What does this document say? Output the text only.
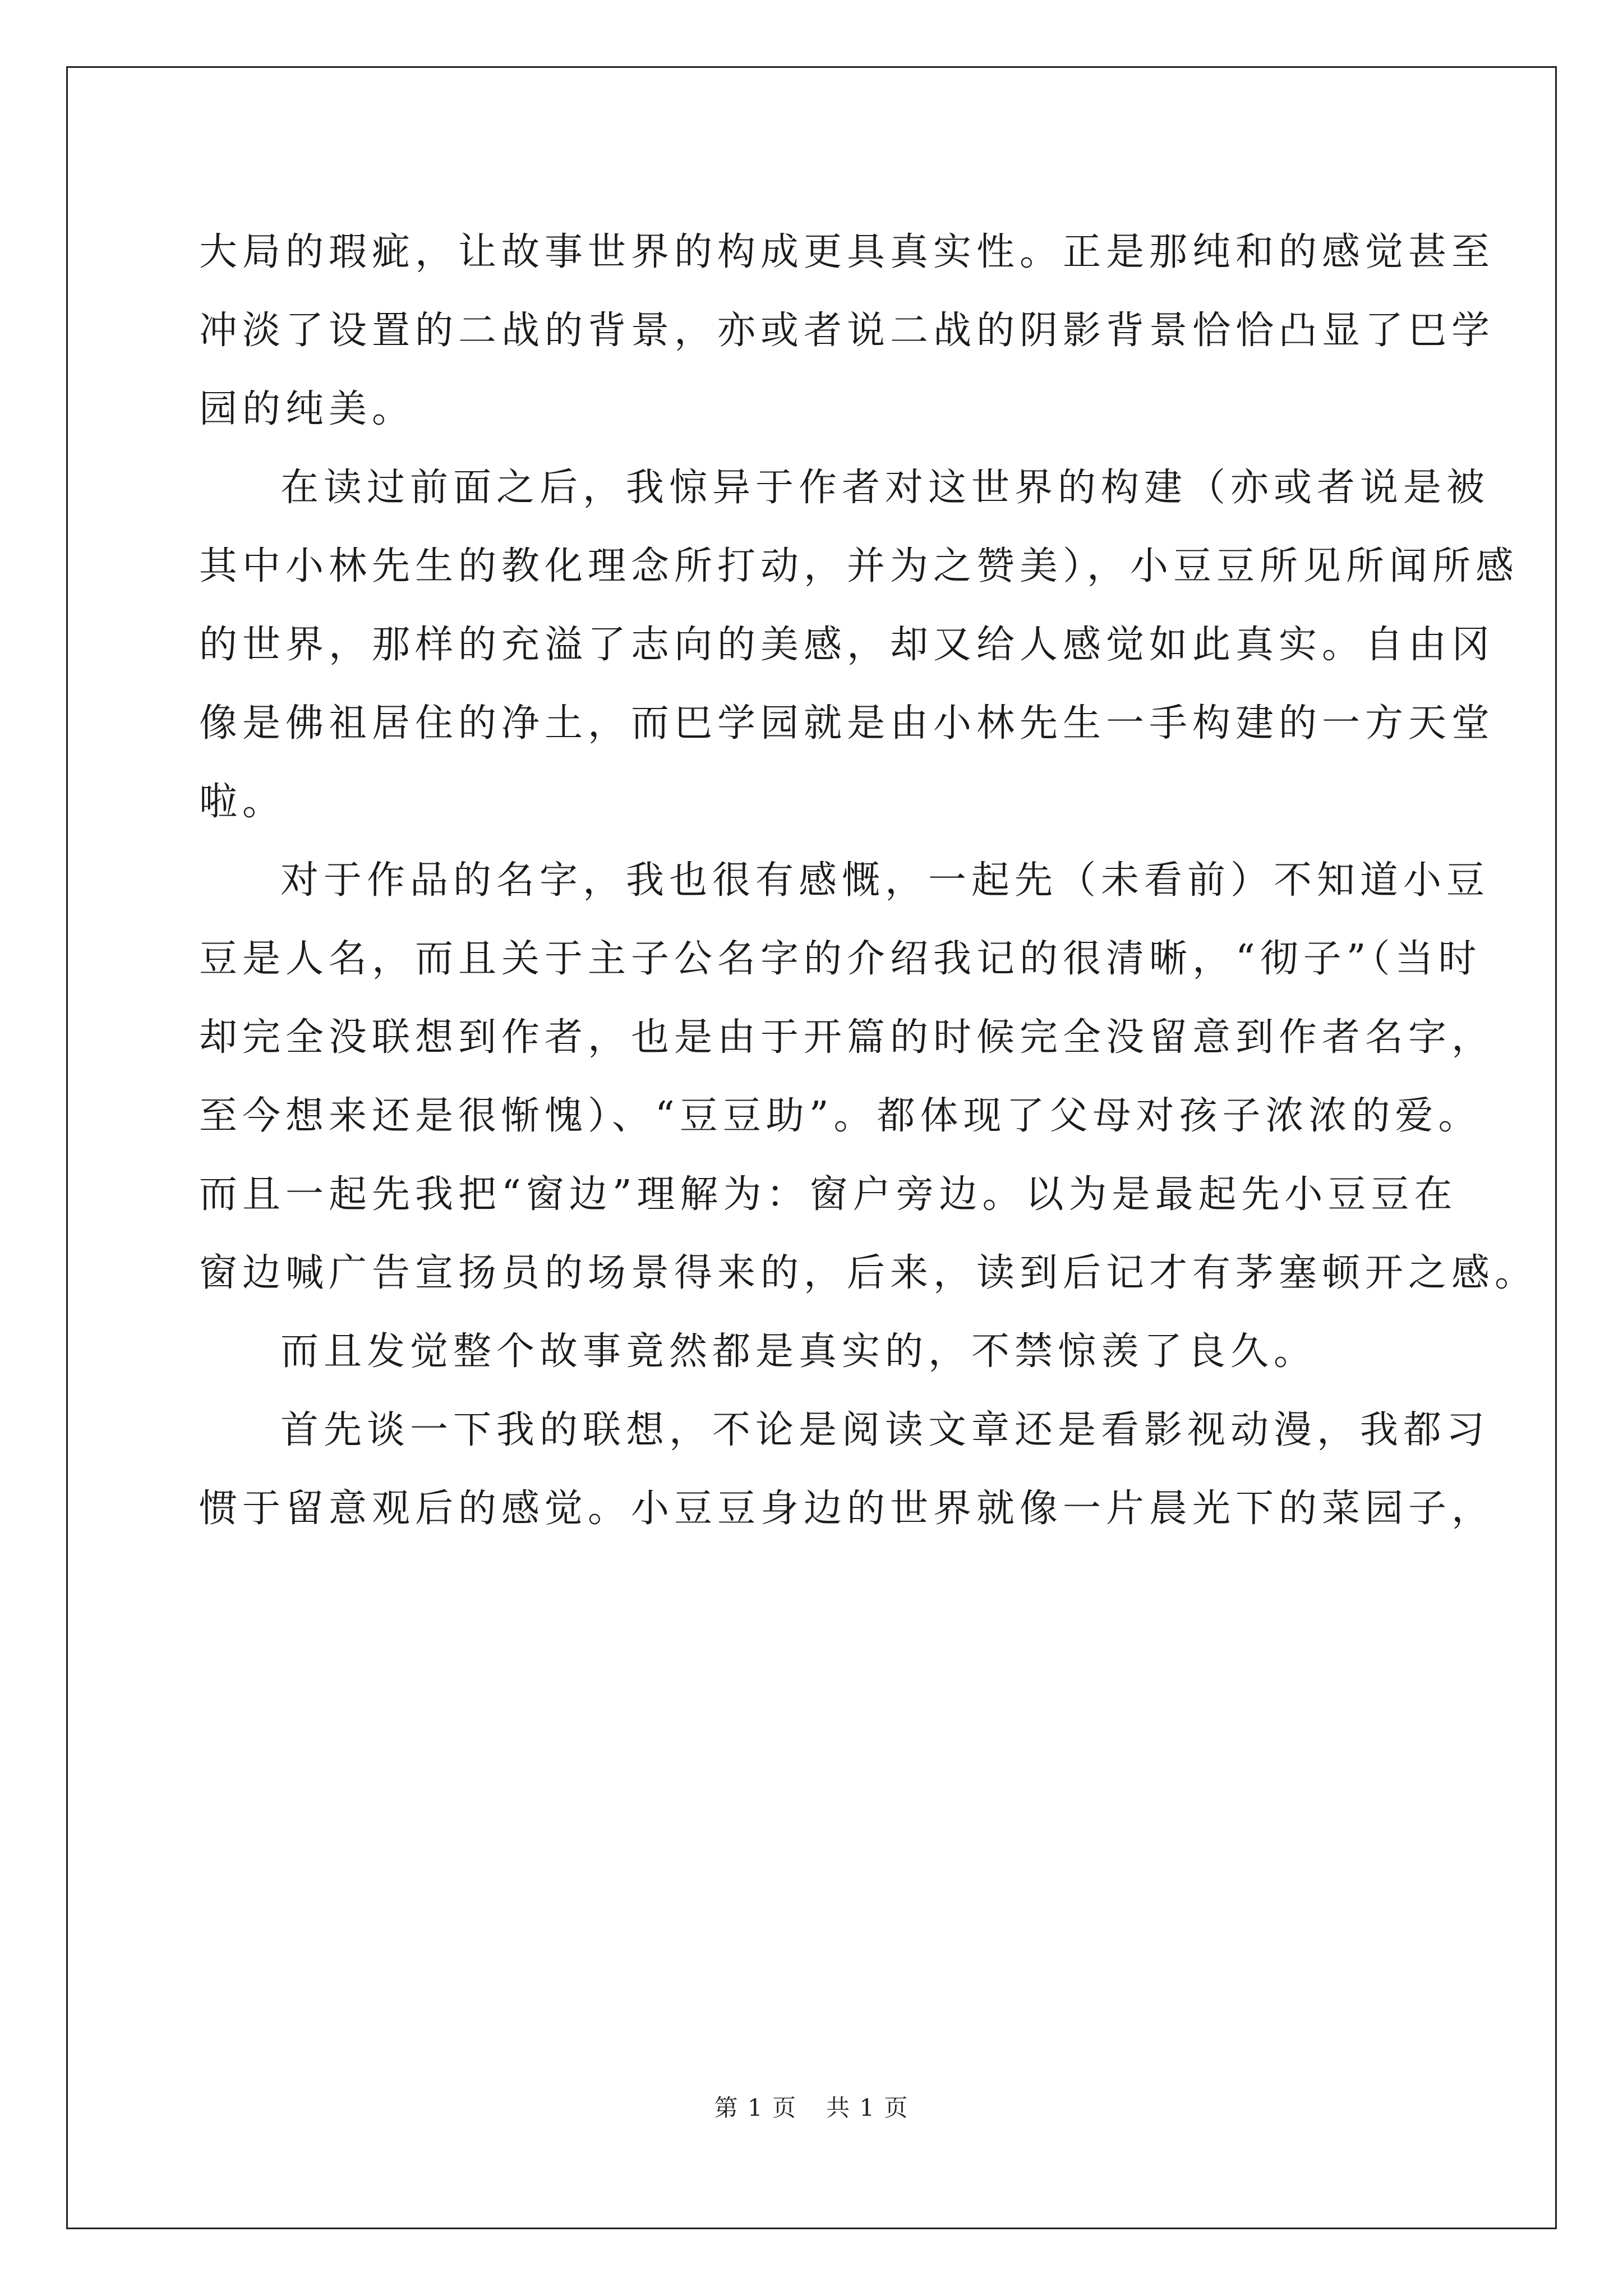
大局的瑕疵，让故事世界的构成更具真实性。正是那纯和的感觉甚至
冲淡了设置的二战的背景，亦或者说二战的阴影背景恰恰凸显了巴学
园的纯美。
在读过前面之后，我惊异于作者对这世界的构建（亦或者说是被
其中小林先生的教化理念所打动，并为之赞美），小豆豆所见所闻所感
的世界，那样的充溢了志向的美感，却又给人感觉如此真实。自由冈
像是佛祖居住的净土，而巴学园就是由小林先生一手构建的一方天堂
啦。
对于作品的名字，我也很有感慨，一起先（未看前）不知道小豆
豆是人名，而且关于主子公名字的介绍我记的很清晰，“彻子”（当时
却完全没联想到作者，也是由于开篇的时候完全没留意到作者名字，
至今想来还是很惭愧）、“豆豆助”。都体现了父母对孩子浓浓的爱。
而且一起先我把“窗边”理解为：窗户旁边。以为是最起先小豆豆在
窗边喊广告宣扬员的场景得来的，后来，读到后记才有茅塞顿开之感。
而且发觉整个故事竟然都是真实的，不禁惊羡了良久。
首先谈一下我的联想，不论是阅读文章还是看影视动漫，我都习
惯于留意观后的感觉。小豆豆身边的世界就像一片晨光下的菜园子，
第 1 页 共 1 页
